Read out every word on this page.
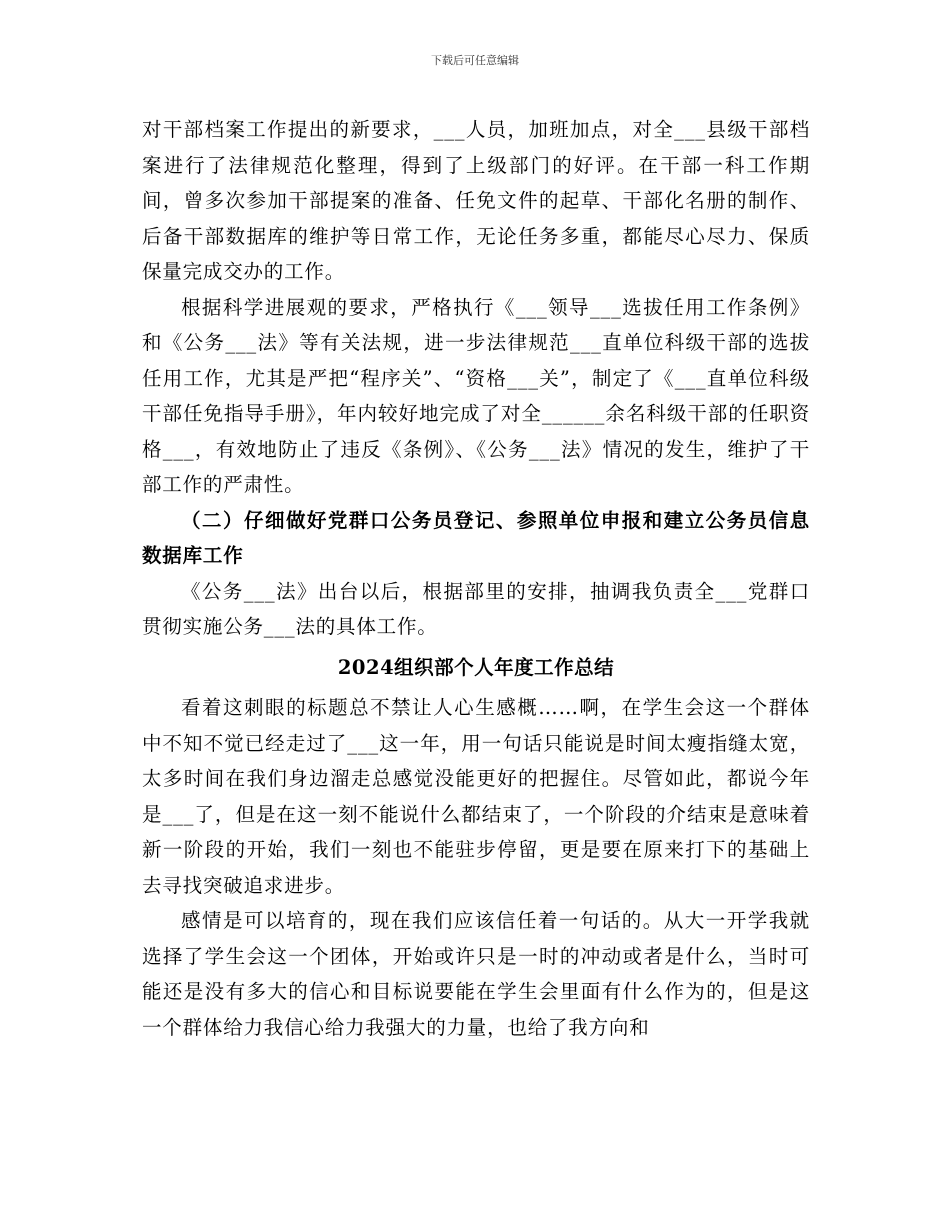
下载后可任意编辑

对干部档案工作提出的新要求，___人员，加班加点，对全___县级干部档案进行了法律规范化整理，得到了上级部门的好评。在干部一科工作期间，曾多次参加干部提案的准备、任免文件的起草、干部化名册的制作、后备干部数据库的维护等日常工作，无论任务多重，都能尽心尽力、保质保量完成交办的工作。

根据科学进展观的要求，严格执行《___领导___选拔任用工作条例》和《公务___法》等有关法规，进一步法律规范___直单位科级干部的选拔任用工作，尤其是严把“程序关”、“资格___关”，制定了《___直单位科级干部任免指导手册》，年内较好地完成了对全______余名科级干部的任职资格___，有效地防止了违反《条例》、《公务___法》情况的发生，维护了干部工作的严肃性。

（二）仔细做好党群口公务员登记、参照单位申报和建立公务员信息数据库工作

《公务___法》出台以后，根据部里的安排，抽调我负责全___党群口贯彻实施公务___法的具体工作。

2024组织部个人年度工作总结

看着这刺眼的标题总不禁让人心生感概……啊，在学生会这一个群体中不知不觉已经走过了___这一年，用一句话只能说是时间太瘦指缝太宽，太多时间在我们身边溜走总感觉没能更好的把握住。尽管如此，都说今年是___了，但是在这一刻不能说什么都结束了，一个阶段的介结束是意味着新一阶段的开始，我们一刻也不能驻步停留，更是要在原来打下的基础上去寻找突破追求进步。

感情是可以培育的，现在我们应该信任着一句话的。从大一开学我就选择了学生会这一个团体，开始或许只是一时的冲动或者是什么，当时可能还是没有多大的信心和目标说要能在学生会里面有什么作为的，但是这一个群体给力我信心给力我强大的力量，也给了我方向和
